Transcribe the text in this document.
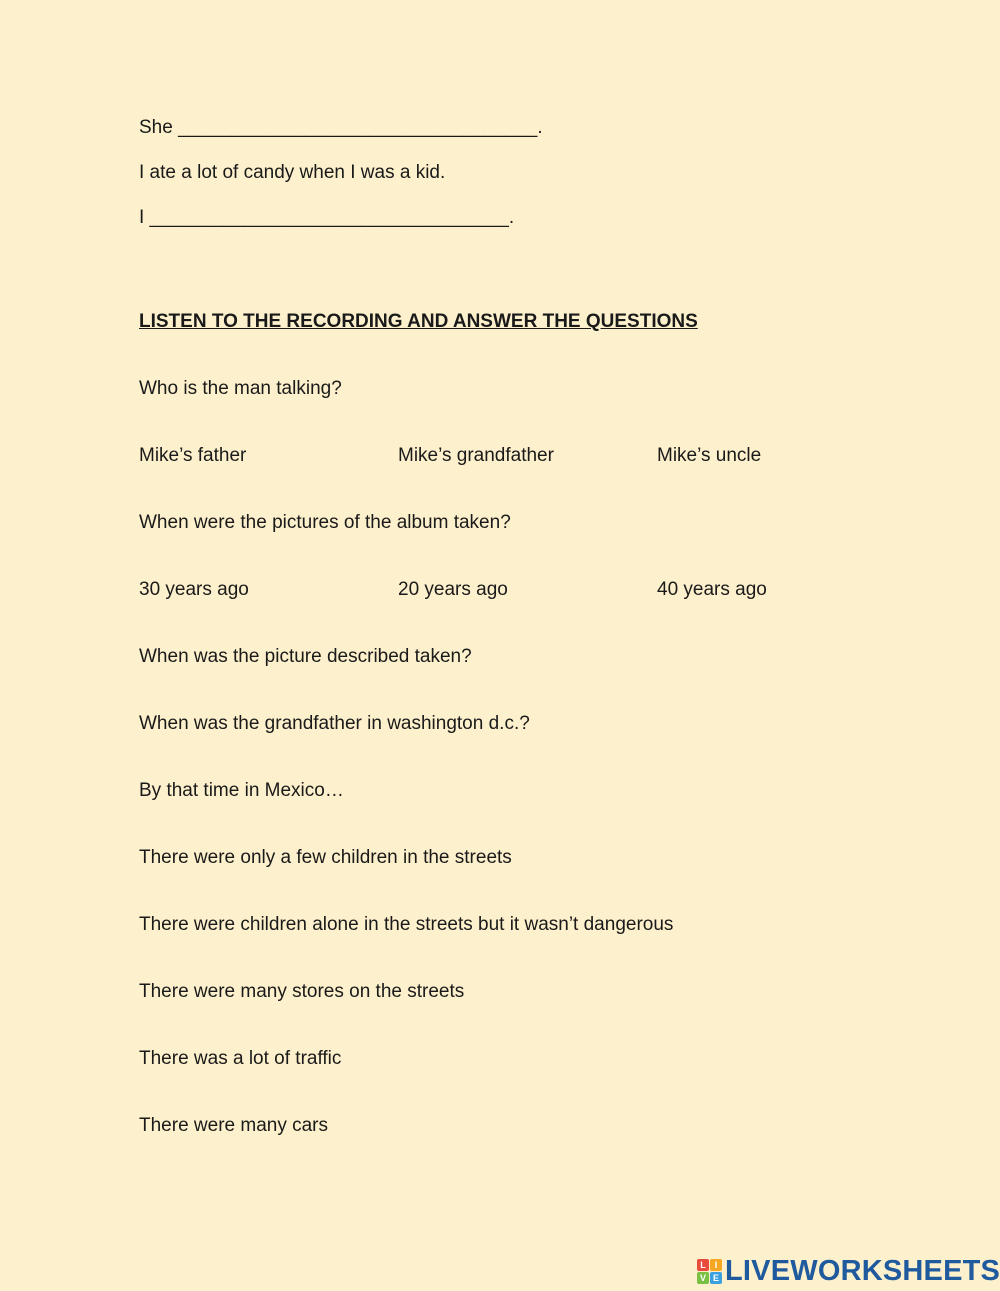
She __________________________________.
I ate a lot of candy when I was a kid.
I __________________________________.
LISTEN TO THE RECORDING AND ANSWER THE QUESTIONS
Who is the man talking?
Mike’s father	Mike’s grandfather	Mike’s uncle
When were the pictures of the album taken?
30 years ago	20 years ago	40 years ago
When was the picture described taken?
When was the grandfather in washington d.c.?
By that time in Mexico…
There were only a few children in the streets
There were children alone in the streets but it wasn’t dangerous
There were many stores on the streets
There was a lot of traffic
There were many cars
L I
V E LIVEWORKSHEETS
